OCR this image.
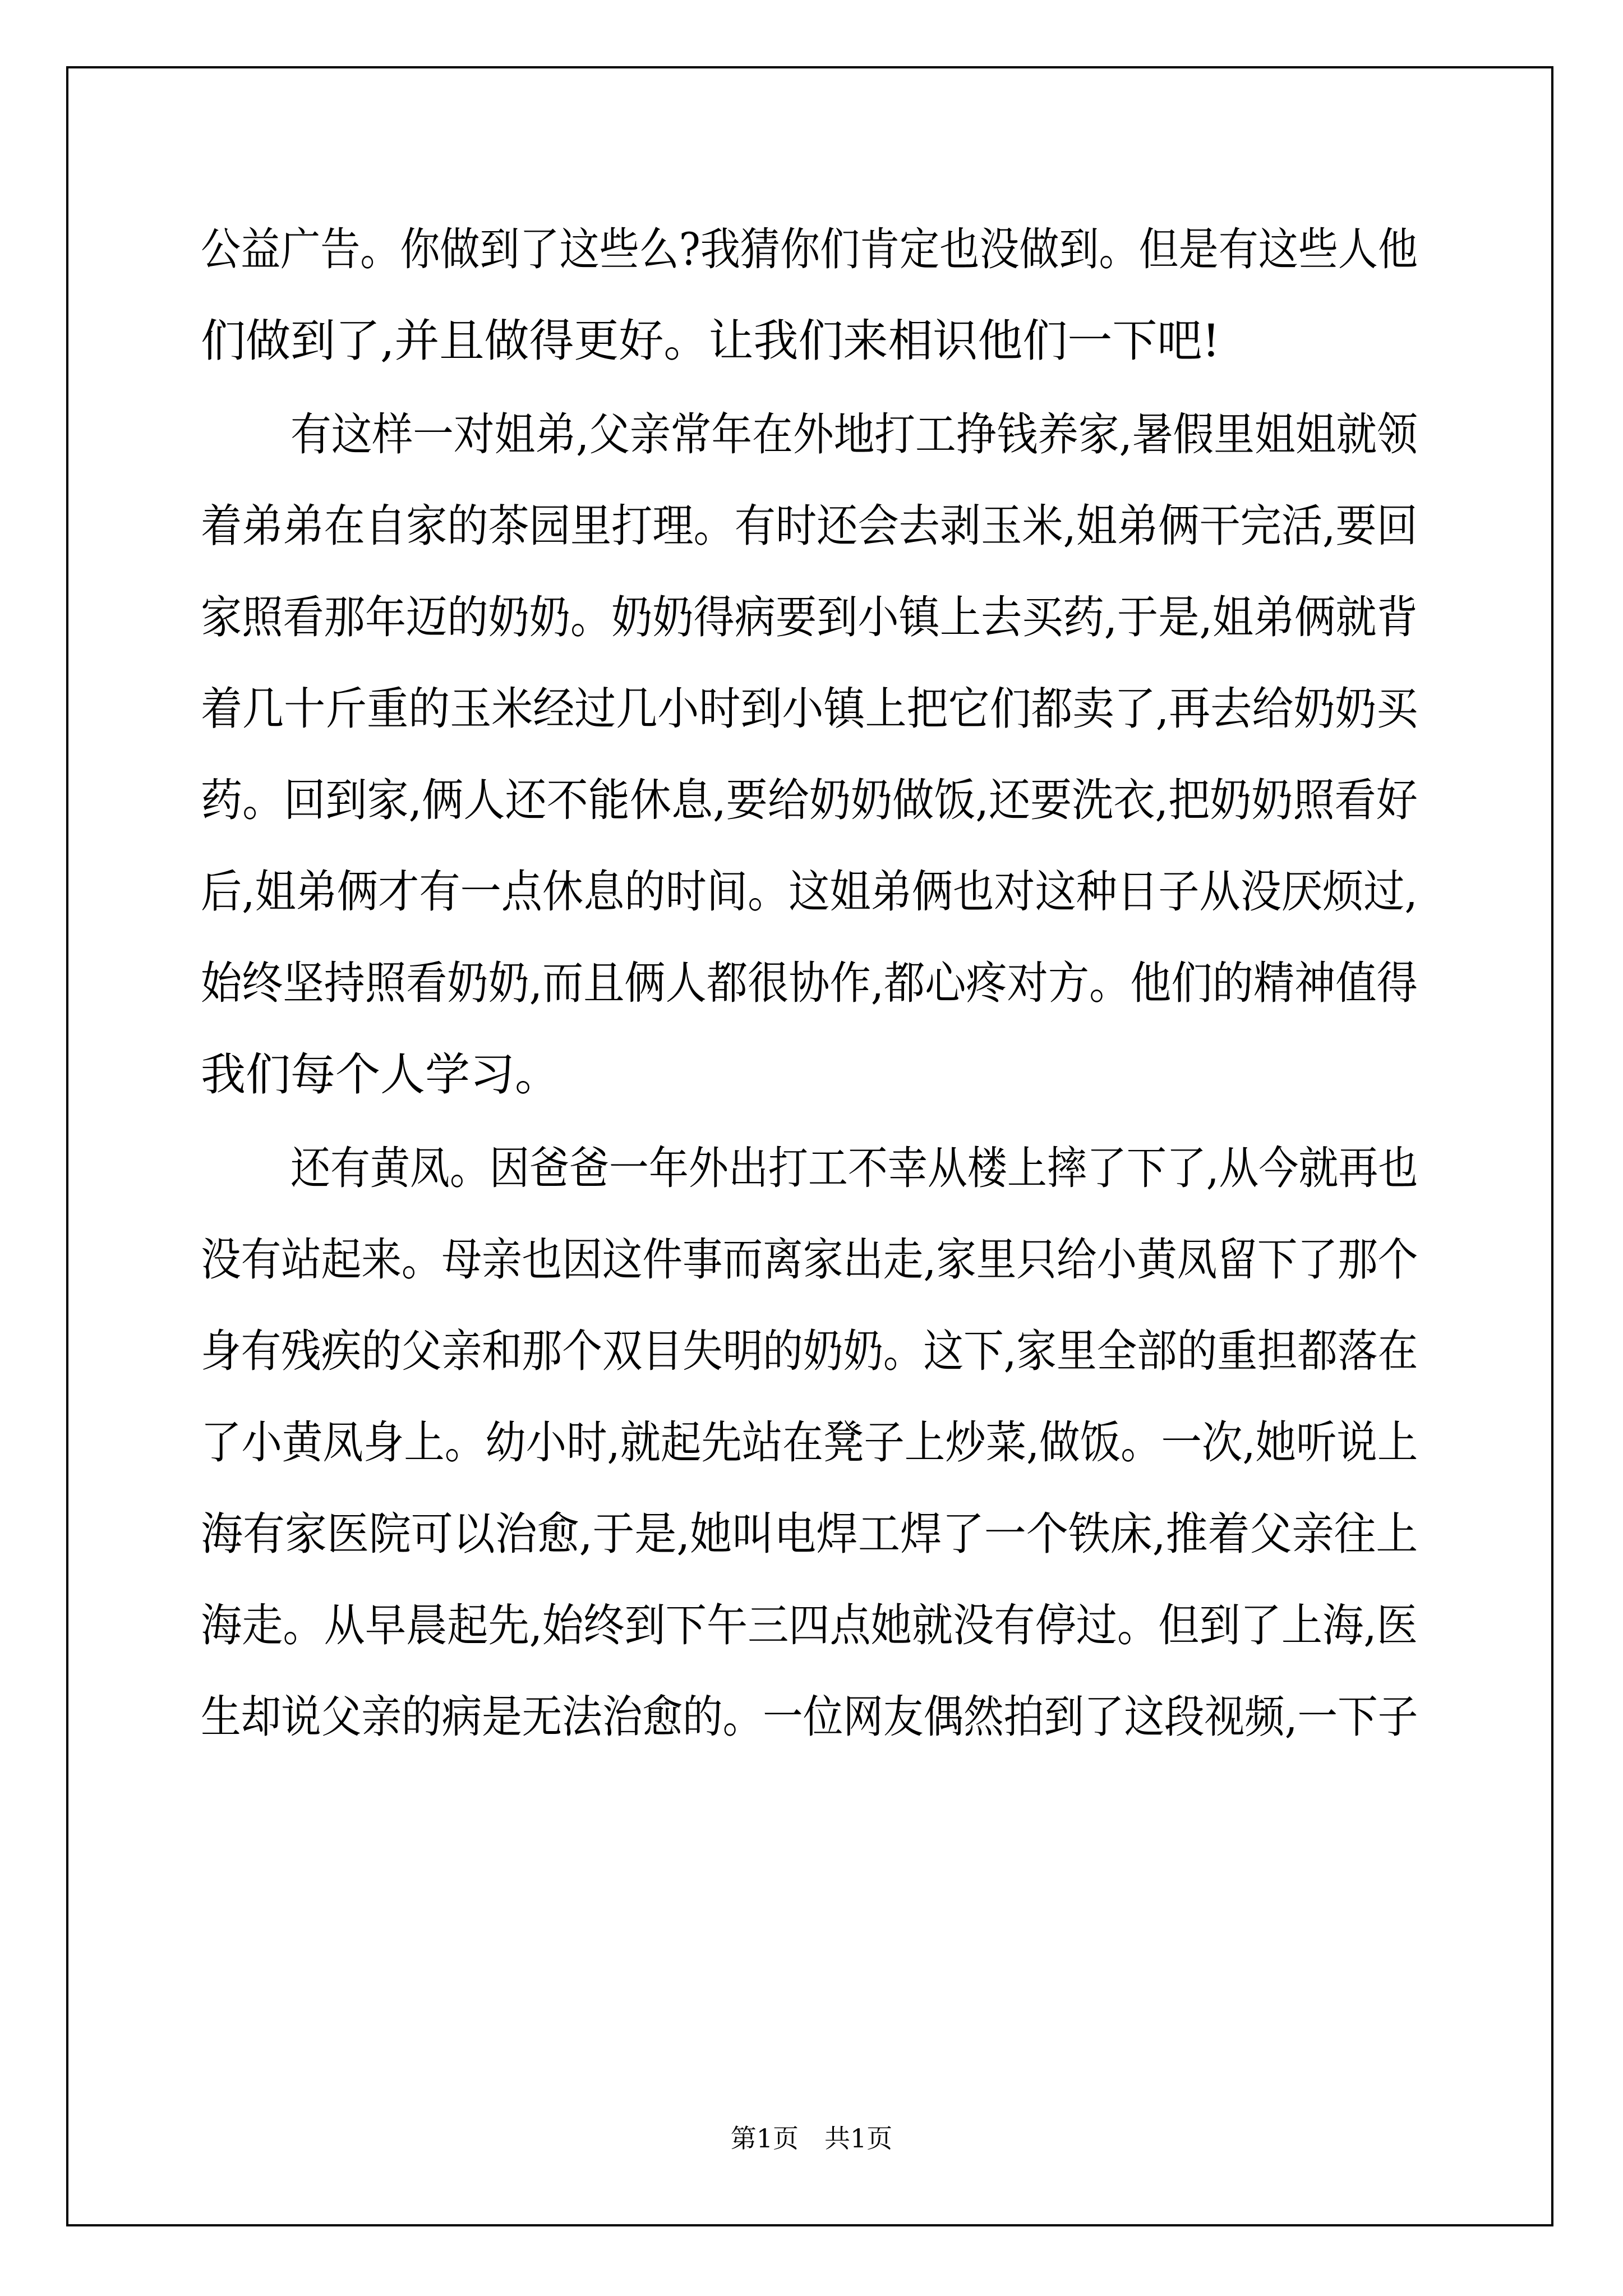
公益广告。你做到了这些么?我猜你们肯定也没做到。但是有这些人他
们做到了,并且做得更好。让我们来相识他们一下吧!
有这样一对姐弟,父亲常年在外地打工挣钱养家,暑假里姐姐就领
着弟弟在自家的茶园里打理。有时还会去剥玉米,姐弟俩干完活,要回
家照看那年迈的奶奶。奶奶得病要到小镇上去买药,于是,姐弟俩就背
着几十斤重的玉米经过几小时到小镇上把它们都卖了,再去给奶奶买
药。回到家,俩人还不能休息,要给奶奶做饭,还要洗衣,把奶奶照看好
后,姐弟俩才有一点休息的时间。这姐弟俩也对这种日子从没厌烦过,
始终坚持照看奶奶,而且俩人都很协作,都心疼对方。他们的精神值得
我们每个人学习。
还有黄凤。因爸爸一年外出打工不幸从楼上摔了下了,从今就再也
没有站起来。母亲也因这件事而离家出走,家里只给小黄凤留下了那个
身有残疾的父亲和那个双目失明的奶奶。这下,家里全部的重担都落在
了小黄凤身上。幼小时,就起先站在凳子上炒菜,做饭。一次,她听说上
海有家医院可以治愈,于是,她叫电焊工焊了一个铁床,推着父亲往上
海走。从早晨起先,始终到下午三四点她就没有停过。但到了上海,医
生却说父亲的病是无法治愈的。一位网友偶然拍到了这段视频,一下子
第1页　共1页
